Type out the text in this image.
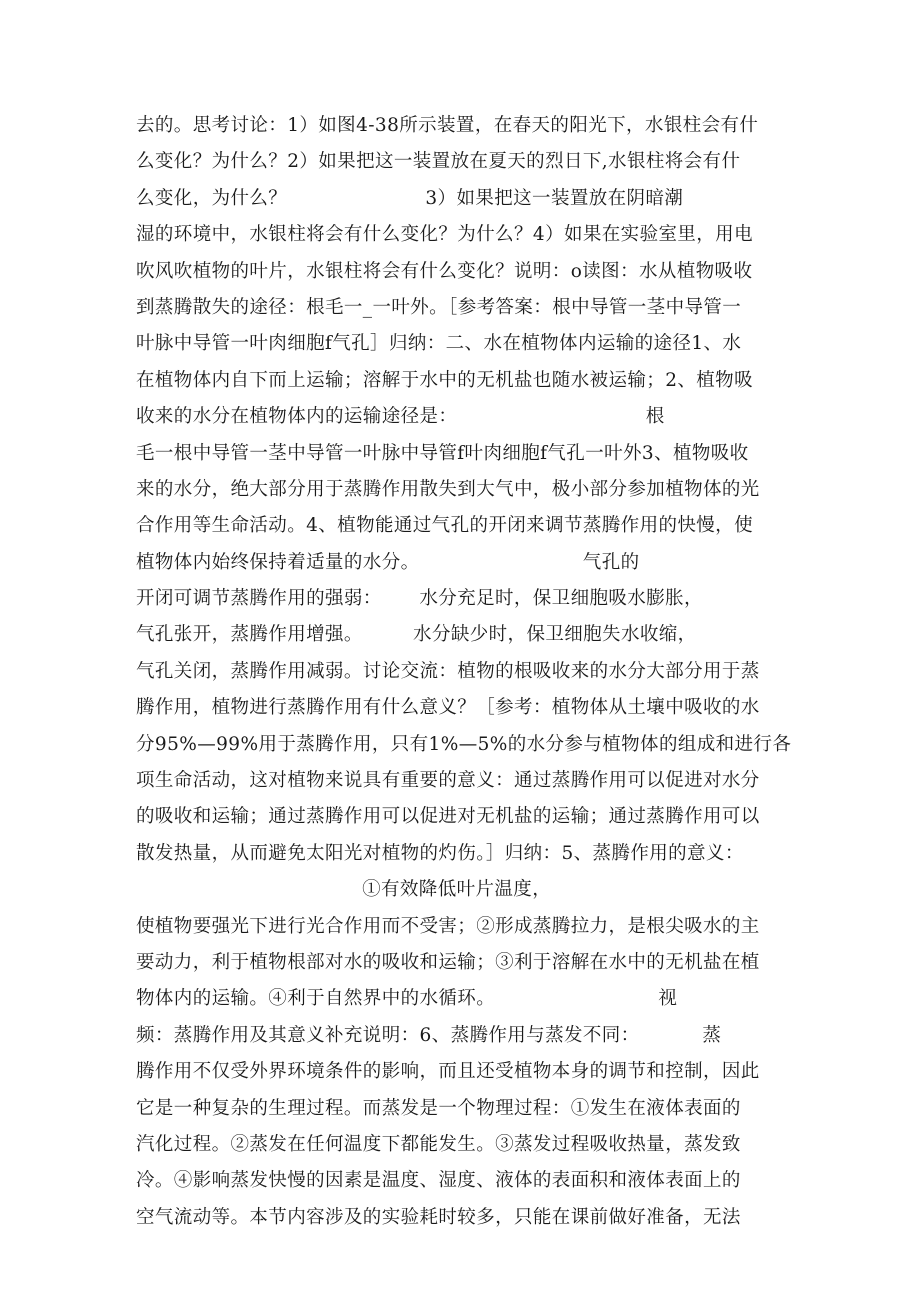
去的。思考讨论：1）如图4-38所示装置，在春天的阳光下，水银柱会有什
么变化？为什么？2）如果把这一装置放在夏天的烈日下,水银柱将会有什
么变化，为什么？                      3）如果把这一装置放在阴暗潮
湿的环境中，水银柱将会有什么变化？为什么？4）如果在实验室里，用电
吹风吹植物的叶片，水银柱将会有什么变化？说明：o读图：水从植物吸收
到蒸腾散失的途径：根毛一_一叶外。［参考答案：根中导管一茎中导管一
叶脉中导管一叶肉细胞f气孔］归纳：二、水在植物体内运输的途径1、水
在植物体内自下而上运输；溶解于水中的无机盐也随水被运输；2、植物吸
收来的水分在植物体内的运输途径是：                              根
毛一根中导管一茎中导管一叶脉中导管f叶肉细胞f气孔一叶外3、植物吸收
来的水分，绝大部分用于蒸腾作用散失到大气中，极小部分参加植物体的光
合作用等生命活动。4、植物能通过气孔的开闭来调节蒸腾作用的快慢，使
植物体内始终保持着适量的水分。                          气孔的
开闭可调节蒸腾作用的强弱：      水分充足时，保卫细胞吸水膨胀，
气孔张开，蒸腾作用增强。        水分缺少时，保卫细胞失水收缩，
气孔关闭，蒸腾作用减弱。讨论交流：植物的根吸收来的水分大部分用于蒸
腾作用，植物进行蒸腾作用有什么意义？［参考：植物体从土壤中吸收的水
分95%—99%用于蒸腾作用，只有1%—5%的水分参与植物体的组成和进行各
项生命活动，这对植物来说具有重要的意义：通过蒸腾作用可以促进对水分
的吸收和运输；通过蒸腾作用可以促进对无机盐的运输；通过蒸腾作用可以
散发热量，从而避免太阳光对植物的灼伤。］归纳：5、蒸腾作用的意义：
①有效降低叶片温度，
使植物要强光下进行光合作用而不受害；②形成蒸腾拉力，是根尖吸水的主
要动力，利于植物根部对水的吸收和运输；③利于溶解在水中的无机盐在植
物体内的运输。④利于自然界中的水循环。                          视
频：蒸腾作用及其意义补充说明：6、蒸腾作用与蒸发不同：          蒸
腾作用不仅受外界环境条件的影响，而且还受植物本身的调节和控制，因此
它是一种复杂的生理过程。而蒸发是一个物理过程：①发生在液体表面的
汽化过程。②蒸发在任何温度下都能发生。③蒸发过程吸收热量，蒸发致
冷。④影响蒸发快慢的因素是温度、湿度、液体的表面积和液体表面上的
空气流动等。本节内容涉及的实验耗时较多，只能在课前做好准备，无法
